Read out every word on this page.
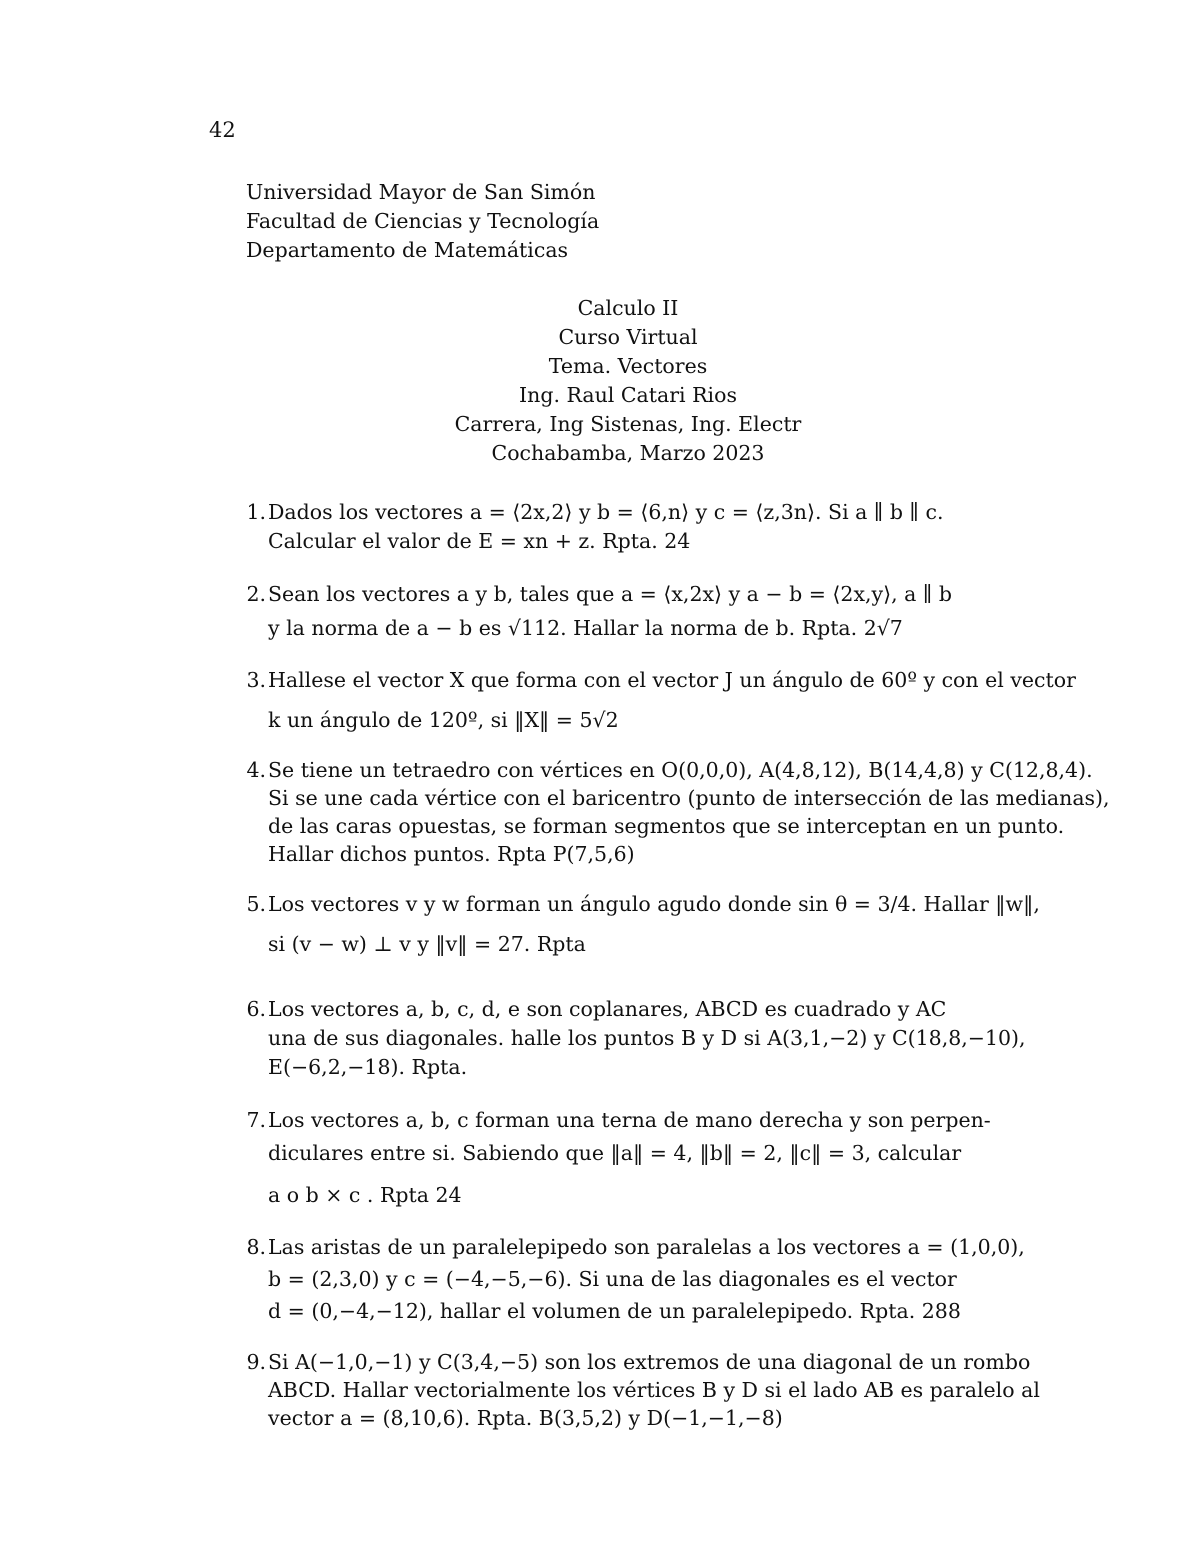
42
Universidad Mayor de San Simón
Facultad de Ciencias y Tecnología
Departamento de Matemáticas
Calculo II
Curso Virtual
Tema. Vectores
Ing. Raul Catari Rios
Carrera, Ing Sistenas, Ing. Electr
Cochabamba, Marzo 2023
1. Dados los vectores a = ⟨2x,2⟩ y b = ⟨6,n⟩ y c = ⟨z,3n⟩. Si a ∥ b ∥ c.
Calcular el valor de E = xn + z. Rpta. 24
2. Sean los vectores a y b, tales que a = ⟨x,2x⟩ y a − b = ⟨2x,y⟩, a ∥ b
y la norma de a − b es √112. Hallar la norma de b. Rpta. 2√7
3. Hallese el vector X que forma con el vector J un ángulo de 60º y con el vector
k un ángulo de 120º, si ‖X‖ = 5√2
4. Se tiene un tetraedro con vértices en O(0,0,0), A(4,8,12), B(14,4,8) y C(12,8,4).
Si se une cada vértice con el baricentro (punto de intersección de las medianas),
de las caras opuestas, se forman segmentos que se interceptan en un punto.
Hallar dichos puntos. Rpta P(7,5,6)
5. Los vectores v y w forman un ángulo agudo donde sin θ = 3/4. Hallar ‖w‖,
si (v − w) ⊥ v y ‖v‖ = 27. Rpta
6. Los vectores a, b, c, d, e son coplanares, ABCD es cuadrado y AC
una de sus diagonales. halle los puntos B y D si A(3,1,−2) y C(18,8,−10),
E(−6,2,−18). Rpta.
7. Los vectores a, b, c forman una terna de mano derecha y son perpen-
diculares entre si. Sabiendo que ‖a‖ = 4, ‖b‖ = 2, ‖c‖ = 3, calcular
a o b × c . Rpta 24
8. Las aristas de un paralelepipedo son paralelas a los vectores a = (1,0,0),
b = (2,3,0) y c = (−4,−5,−6). Si una de las diagonales es el vector
d = (0,−4,−12), hallar el volumen de un paralelepipedo. Rpta. 288
9. Si A(−1,0,−1) y C(3,4,−5) son los extremos de una diagonal de un rombo
ABCD. Hallar vectorialmente los vértices B y D si el lado AB es paralelo al
vector a = (8,10,6). Rpta. B(3,5,2) y D(−1,−1,−8)
